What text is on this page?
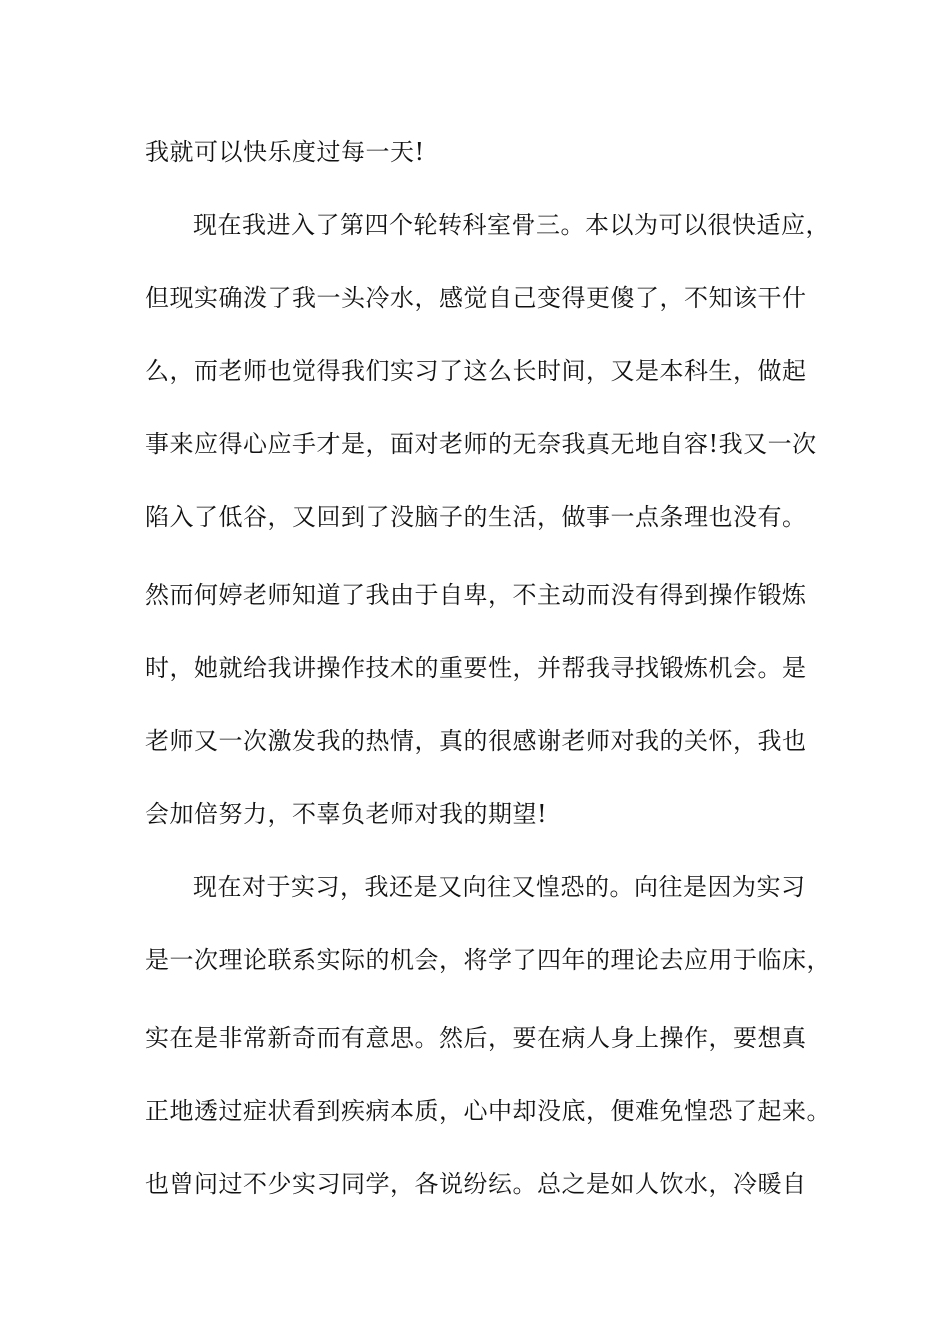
我就可以快乐度过每一天!
现在我进入了第四个轮转科室骨三。本以为可以很快适应，
但现实确泼了我一头冷水，感觉自己变得更傻了，不知该干什
么，而老师也觉得我们实习了这么长时间，又是本科生，做起
事来应得心应手才是，面对老师的无奈我真无地自容!我又一次
陷入了低谷，又回到了没脑子的生活，做事一点条理也没有。
然而何婷老师知道了我由于自卑，不主动而没有得到操作锻炼
时，她就给我讲操作技术的重要性，并帮我寻找锻炼机会。是
老师又一次激发我的热情，真的很感谢老师对我的关怀，我也
会加倍努力，不辜负老师对我的期望!
现在对于实习，我还是又向往又惶恐的。向往是因为实习
是一次理论联系实际的机会，将学了四年的理论去应用于临床，
实在是非常新奇而有意思。然后，要在病人身上操作，要想真
正地透过症状看到疾病本质，心中却没底，便难免惶恐了起来。
也曾问过不少实习同学，各说纷纭。总之是如人饮水，冷暖自
